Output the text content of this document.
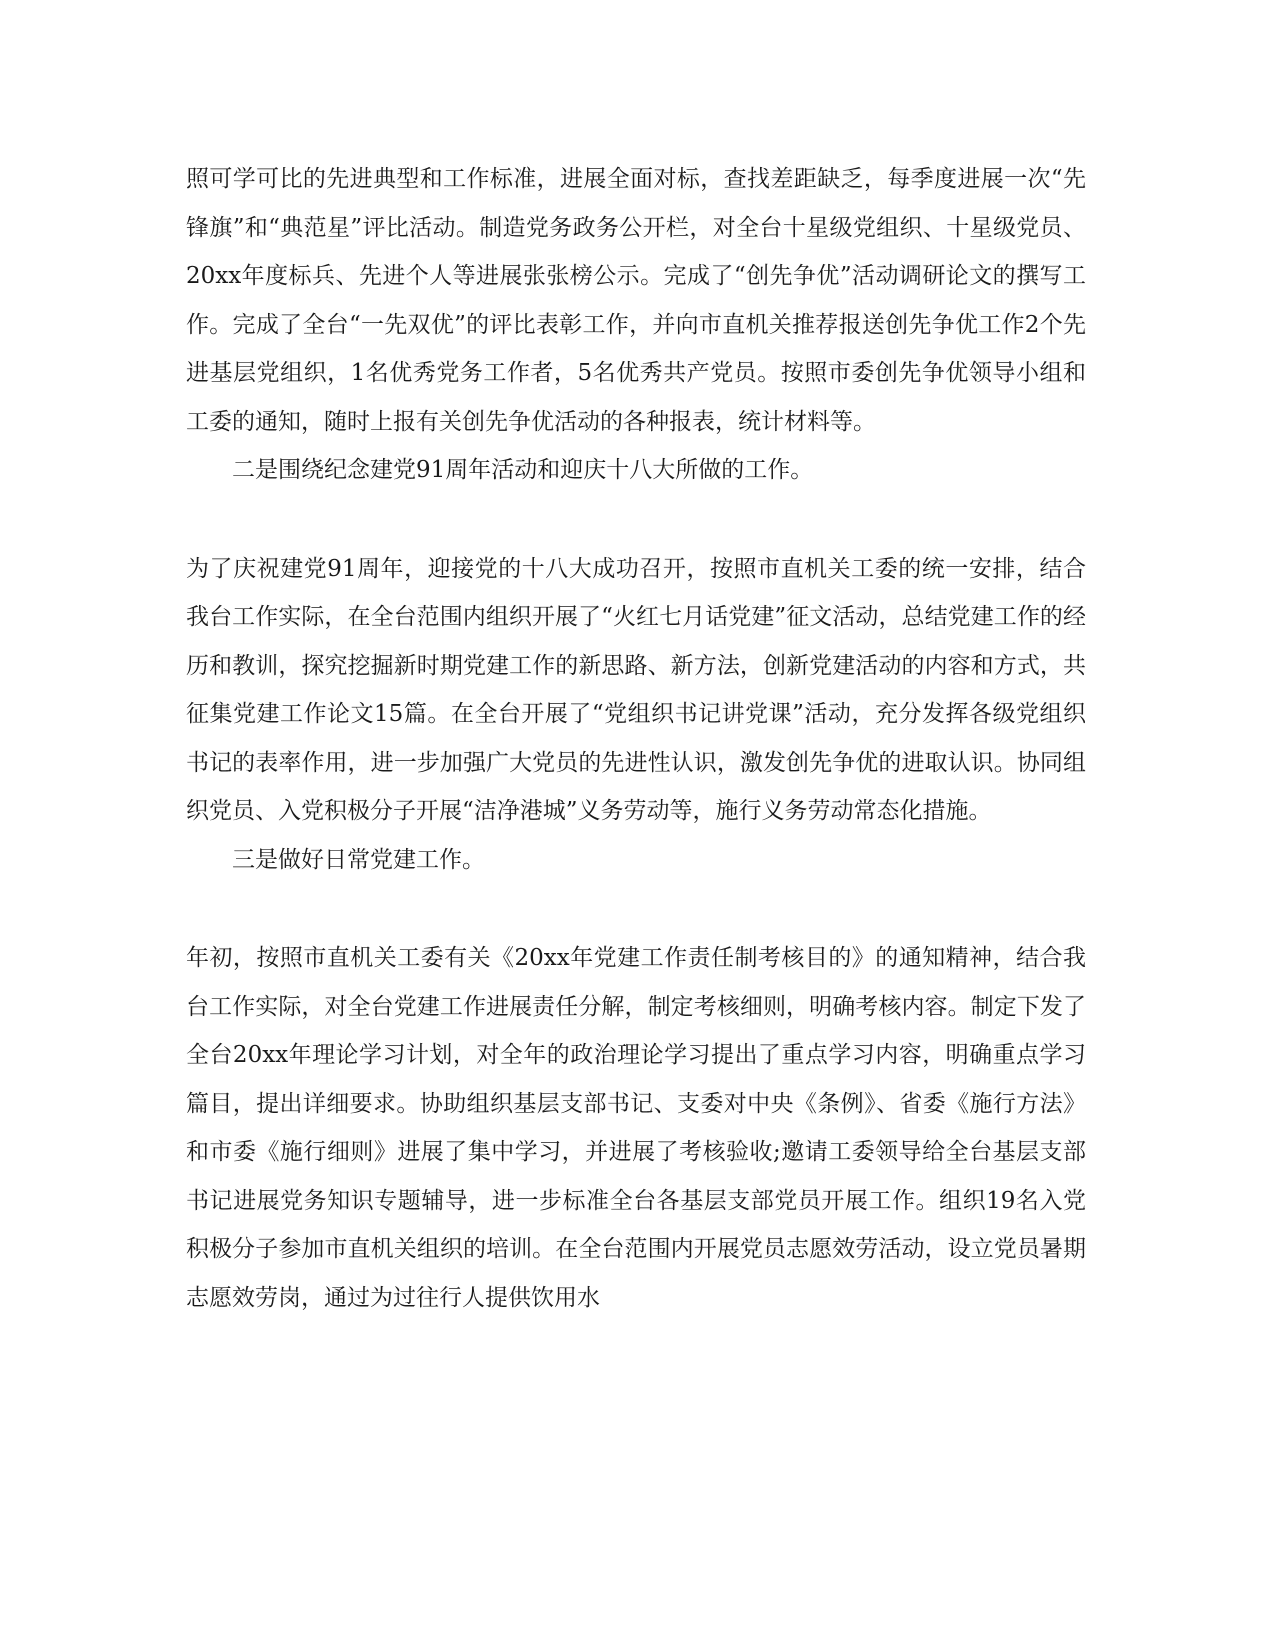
照可学可比的先进典型和工作标准，进展全面对标，查找差距缺乏，每季度进展一次“先锋旗”和“典范星”评比活动。制造党务政务公开栏，对全台十星级党组织、十星级党员、20xx年度标兵、先进个人等进展张张榜公示。完成了“创先争优”活动调研论文的撰写工作。完成了全台“一先双优”的评比表彰工作，并向市直机关推荐报送创先争优工作2个先进基层党组织，1名优秀党务工作者，5名优秀共产党员。按照市委创先争优领导小组和工委的通知，随时上报有关创先争优活动的各种报表，统计材料等。

二是围绕纪念建党91周年活动和迎庆十八大所做的工作。

为了庆祝建党91周年，迎接党的十八大成功召开，按照市直机关工委的统一安排，结合我台工作实际，在全台范围内组织开展了“火红七月话党建”征文活动，总结党建工作的经历和教训，探究挖掘新时期党建工作的新思路、新方法，创新党建活动的内容和方式，共征集党建工作论文15篇。在全台开展了“党组织书记讲党课”活动，充分发挥各级党组织书记的表率作用，进一步加强广大党员的先进性认识，激发创先争优的进取认识。协同组织党员、入党积极分子开展“洁净港城”义务劳动等，施行义务劳动常态化措施。

三是做好日常党建工作。

年初，按照市直机关工委有关《20xx年党建工作责任制考核目的》的通知精神，结合我台工作实际，对全台党建工作进展责任分解，制定考核细则，明确考核内容。制定下发了全台20xx年理论学习计划，对全年的政治理论学习提出了重点学习内容，明确重点学习篇目，提出详细要求。协助组织基层支部书记、支委对中央《条例》、省委《施行方法》和市委《施行细则》进展了集中学习，并进展了考核验收;邀请工委领导给全台基层支部书记进展党务知识专题辅导，进一步标准全台各基层支部党员开展工作。组织19名入党积极分子参加市直机关组织的培训。在全台范围内开展党员志愿效劳活动，设立党员暑期志愿效劳岗，通过为过往行人提供饮用水
